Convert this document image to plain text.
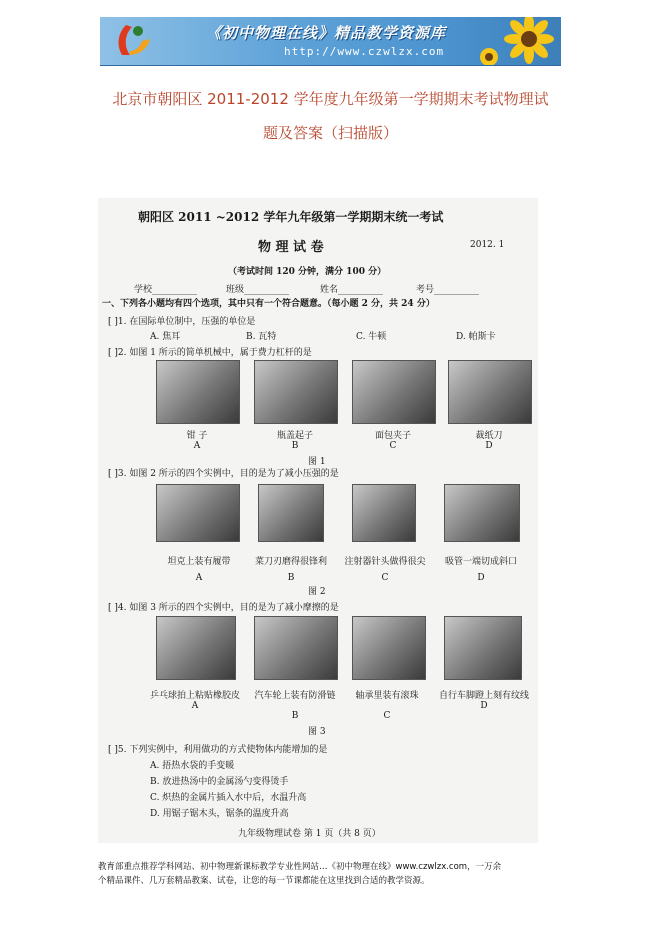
《初中物理在线》精品教学资源库
http://www.czwlzx.com
北京市朝阳区 2011-2012 学年度九年级第一学期期末考试物理试
题及答案（扫描版）
朝阳区 2011 ~2012 学年九年级第一学期期末统一考试
物 理 试 卷	2012. 1
（考试时间 120 分钟，满分 100 分）
学校__________	班级__________	姓名__________	考号__________
一、下列各小题均有四个选项，其中只有一个符合题意。（每小题 2 分，共 24 分）
[ ]1. 在国际单位制中，压强的单位是
A. 焦耳	B. 瓦特	C. 牛顿	D. 帕斯卡
[ ]2. 如图 1 所示的简单机械中，属于费力杠杆的是
钳 子
A
瓶盖起子
B
面包夹子
C
裁纸刀
D
图 1
[ ]3. 如图 2 所示的四个实例中，目的是为了减小压强的是
坦克上装有履带
A
菜刀刃磨得很锋利
B
注射器针头做得很尖
C
吸管一端切成斜口
D
图 2
[ ]4. 如图 3 所示的四个实例中，目的是为了减小摩擦的是
乒乓球拍上粘贴橡胶皮
A
汽车轮上装有防滑链
B
轴承里装有滚珠
C
自行车脚蹬上刻有纹线
D
图 3
[ ]5. 下列实例中，利用做功的方式使物体内能增加的是
A. 捂热水袋的手变暖
B. 放进热汤中的金属汤勺变得烫手
C. 炽热的金属片插入水中后，水温升高
D. 用锯子锯木头，锯条的温度升高
九年级物理试卷 第 1 页（共 8 页）
教育部重点推荐学科网站、初中物理新课标教学专业性网站…《初中物理在线》www.czwlzx.com，一万余
个精品课件、几万套精品教案、试卷，让您的每一节课都能在这里找到合适的教学资源。
